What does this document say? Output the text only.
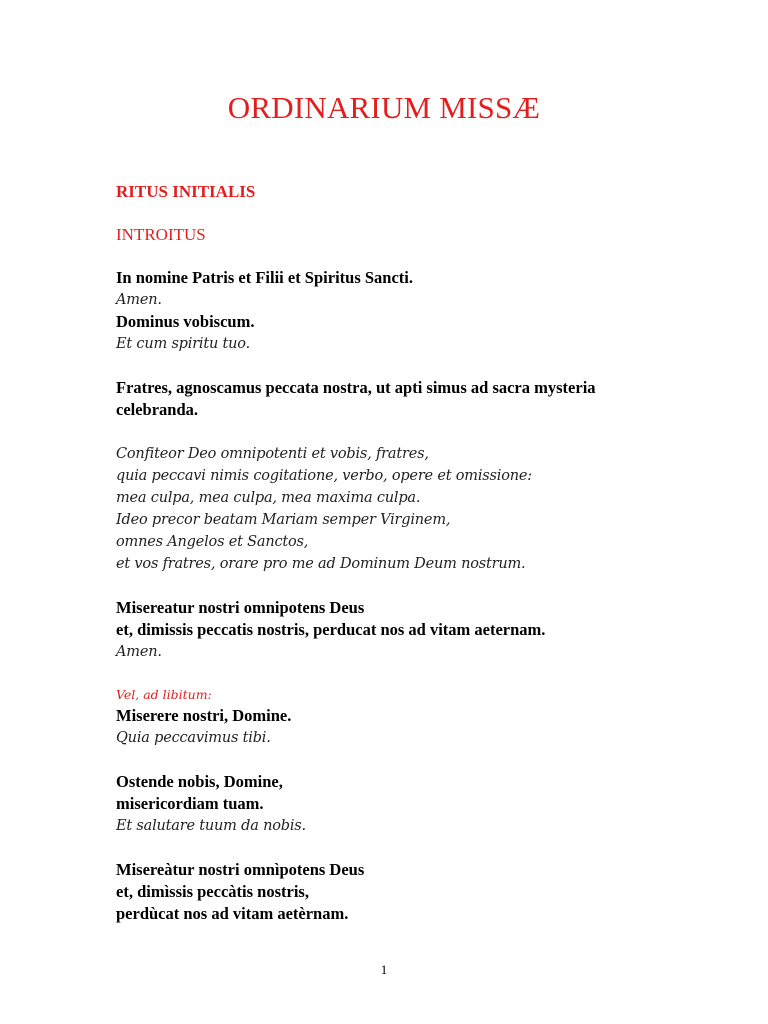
ORDINARIUM MISSÆ
RITUS INITIALIS
INTROITUS
In nomine Patris et Filii et Spiritus Sancti.
Amen.
Dominus vobiscum.
Et cum spiritu tuo.
Fratres, agnoscamus peccata nostra, ut apti simus ad sacra mysteria
celebranda.
Confiteor Deo omnipotenti et vobis, fratres,
quia peccavi nimis cogitatione, verbo, opere et omissione:
mea culpa, mea culpa, mea maxima culpa.
Ideo precor beatam Mariam semper Virginem,
omnes Angelos et Sanctos,
et vos fratres, orare pro me ad Dominum Deum nostrum.
Misereatur nostri omnipotens Deus
et, dimissis peccatis nostris, perducat nos ad vitam aeternam.
Amen.
Vel, ad libitum:
Miserere nostri, Domine.
Quia peccavimus tibi.
Ostende nobis, Domine,
misericordiam tuam.
Et salutare tuum da nobis.
Misereàtur nostri omnìpotens Deus
et, dimìssis peccàtis nostris,
perdùcat nos ad vitam aetèrnam.
1
